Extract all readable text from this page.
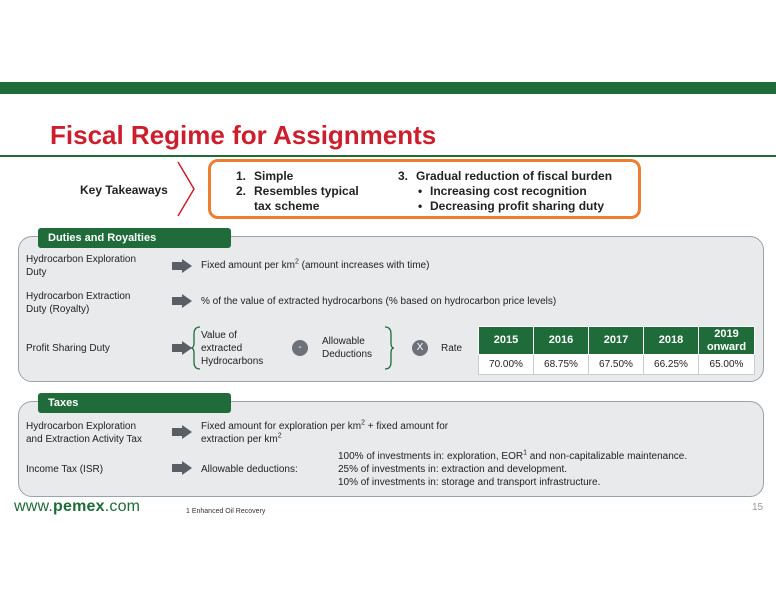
Fiscal Regime for Assignments
Key Takeaways
1. Simple
2. Resembles typical
tax scheme
3. Gradual reduction of fiscal burden
• Increasing cost recognition
• Decreasing profit sharing duty
Duties and Royalties
Hydrocarbon Exploration
Duty
Fixed amount per $km^2$ (amount increases with time)
Hydrocarbon Extraction
Duty (Royalty)
% of the value of extracted hydrocarbons (% based on hydrocarbon price levels)
Profit Sharing Duty
Value of
extracted
Hydrocarbons
-
Allowable
Deductions
X	Rate
2015	2016	2017	2018	2019
onward
70.00%	68.75%	67.50%	66.25%	65.00%
Taxes
Hydrocarbon Exploration
and Extraction Activity Tax
Fixed amount for exploration per $km^2$ + fixed amount for
extraction per $km^2$
Income Tax (ISR)	Allowable deductions:
100% of investments in: exploration, EOR$^1$ and non-capitalizable maintenance.
25% of investments in: extraction and development.
10% of investments in: storage and transport infrastructure.
www.pemex.com	1 Enhanced Oil Recovery	15
